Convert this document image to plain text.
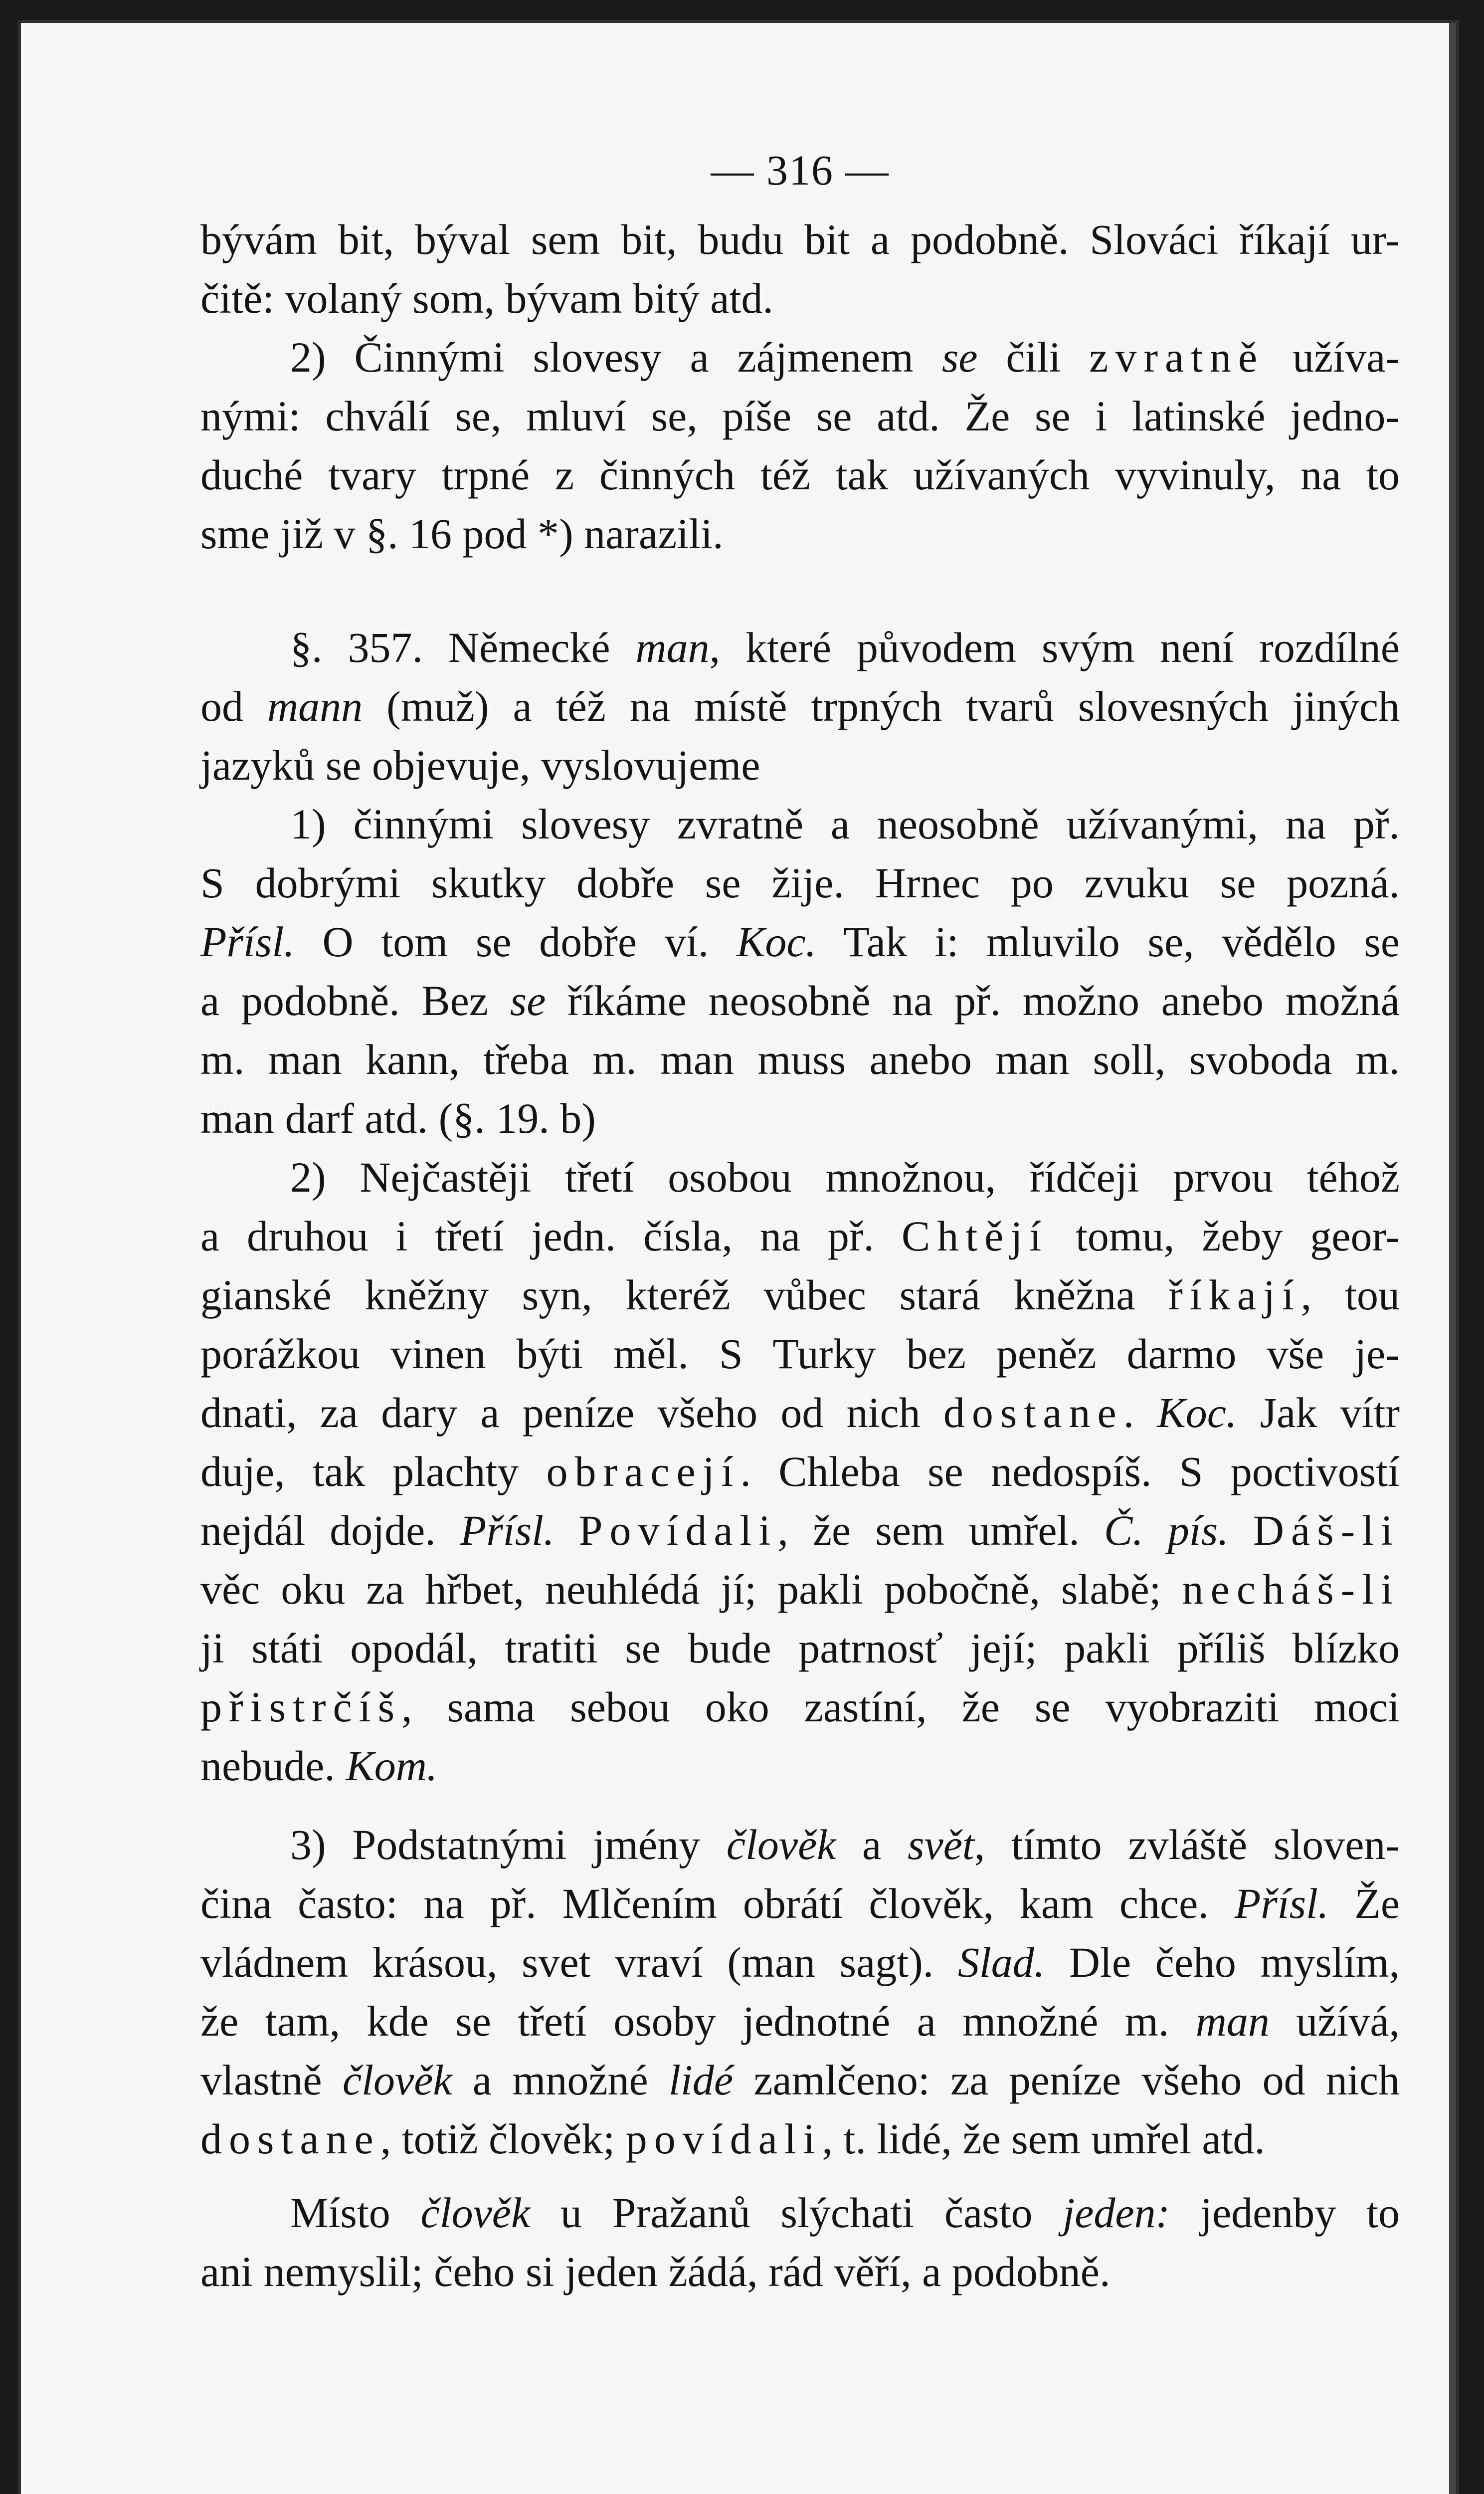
— 316 —

bývám bit, býval sem bit, budu bit a podobně. Slováci říkají ur-

čitě: volaný som, bývam bitý atd.

2) Činnými slovesy a zájmenem se čili zvratně užíva-

nými: chválí se, mluví se, píše se atd. Že se i latinské jedno-

duché tvary trpné z činných též tak užívaných vyvinuly, na to

sme již v §. 16 pod *) narazili.

§. 357. Německé man, které původem svým není rozdílné

od mann (muž) a též na místě trpných tvarů slovesných jiných

jazyků se objevuje, vyslovujeme

1) činnými slovesy zvratně a neosobně užívanými, na př.

S dobrými skutky dobře se žije. Hrnec po zvuku se pozná.

Přísl. O tom se dobře ví. Koc. Tak i: mluvilo se, vědělo se

a podobně. Bez se říkáme neosobně na př. možno anebo možná

m. man kann, třeba m. man muss anebo man soll, svoboda m.

man darf atd. (§. 19. b)

2) Nejčastěji třetí osobou množnou, řídčeji prvou téhož

a druhou i třetí jedn. čísla, na př. Chtějí tomu, žeby geor-

gianské kněžny syn, kteréž vůbec stará kněžna říkají, tou

porážkou vinen býti měl. S Turky bez peněz darmo vše je-

dnati, za dary a peníze všeho od nich dostane. Koc. Jak vítr

duje, tak plachty obracejí. Chleba se nedospíš. S poctivostí

nejdál dojde. Přísl. Povídali, že sem umřel. Č. pís. Dáš-li

věc oku za hřbet, neuhlédá jí; pakli pobočně, slabě; necháš-li

ji státi opodál, tratiti se bude patrnosť její; pakli příliš blízko

přistrčíš, sama sebou oko zastíní, že se vyobraziti moci

nebude. Kom.

3) Podstatnými jmény člověk a svět, tímto zvláště sloven-

čina často: na př. Mlčením obrátí člověk, kam chce. Přísl. Že

vládnem krásou, svet vraví (man sagt). Slad. Dle čeho myslím,

že tam, kde se třetí osoby jednotné a množné m. man užívá,

vlastně člověk a množné lidé zamlčeno: za peníze všeho od nich

dostane, totiž člověk; povídali, t. lidé, že sem umřel atd.

Místo člověk u Pražanů slýchati často jeden: jedenby to

ani nemyslil; čeho si jeden žádá, rád věří, a podobně.
